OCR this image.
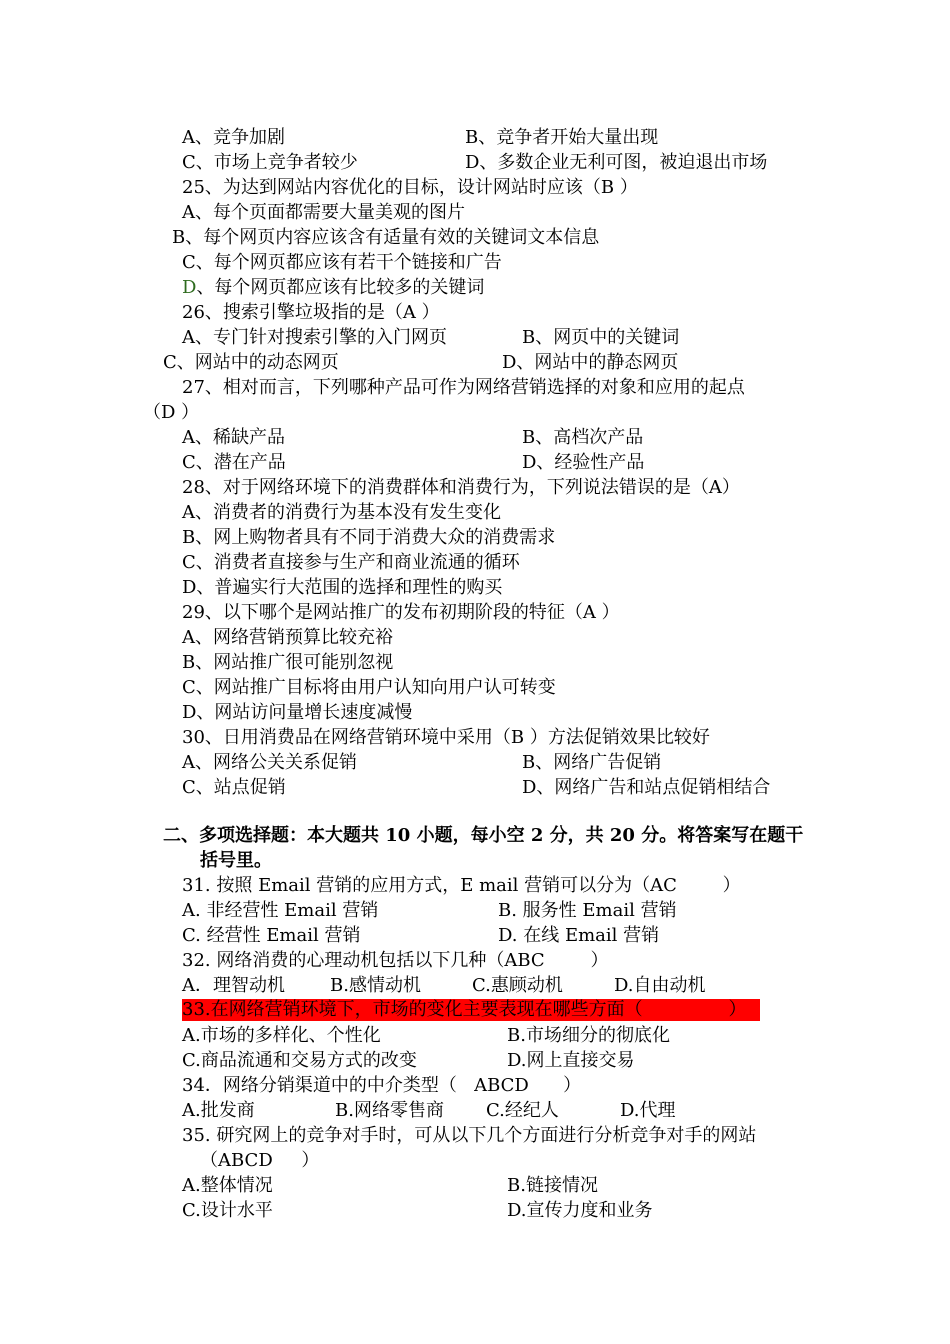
A、竞争加剧

	B、竞争者开始大量出现

C、市场上竞争者较少

	D、多数企业无利可图，被迫退出市场

25、为达到网站内容优化的目标，设计网站时应该（B ）

A、每个页面都需要大量美观的图片

B、每个网页内容应该含有适量有效的关键词文本信息

C、每个网页都应该有若干个链接和广告

D、每个网页都应该有比较多的关键词

26、搜索引擎垃圾指的是（A ）

A、专门针对搜索引擎的入门网页

	B、网页中的关键词

C、网站中的动态网页

	D、网站中的静态网页

27、相对而言，下列哪种产品可作为网络营销选择的对象和应用的起点

（D ）

A、稀缺产品

	B、高档次产品

C、潜在产品

	D、经验性产品

28、对于网络环境下的消费群体和消费行为，下列说法错误的是（A）

A、消费者的消费行为基本没有发生变化

B、网上购物者具有不同于消费大众的消费需求

C、消费者直接参与生产和商业流通的循环

D、普遍实行大范围的选择和理性的购买

29、以下哪个是网站推广的发布初期阶段的特征（A ）

A、网络营销预算比较充裕

B、网站推广很可能别忽视

C、网站推广目标将由用户认知向用户认可转变

D、网站访问量增长速度减慢

30、日用消费品在网络营销环境中采用（B ）方法促销效果比较好

A、网络公关关系促销

	B、网络广告促销

C、站点促销

	D、网络广告和站点促销相结合

二、多项选择题：本大题共 10 小题，每小空 2 分，共 20 分。将答案写在题干

括号里。

31. 按照 Email 营销的应用方式，E mail 营销可以分为（AC        ）

A. 非经营性 Email 营销

	B. 服务性 Email 营销

C. 经营性 Email 营销

	D. 在线 Email 营销

32. 网络消费的心理动机包括以下几种（ABC        ）

A．理智动机

	B.感情动机

	C.惠顾动机

	D.自由动机

33.在网络营销环境下，市场的变化主要表现在哪些方面（               ）

A.市场的多样化、个性化

	B.市场细分的彻底化

C.商品流通和交易方式的改变

	D.网上直接交易

34．网络分销渠道中的中介类型（   ABCD      ）

A.批发商

	B.网络零售商

C.经纪人

	D.代理

35. 研究网上的竞争对手时，可从以下几个方面进行分析竞争对手的网站

（ABCD     ）

A.整体情况

	B.链接情况

C.设计水平

	D.宣传力度和业务
